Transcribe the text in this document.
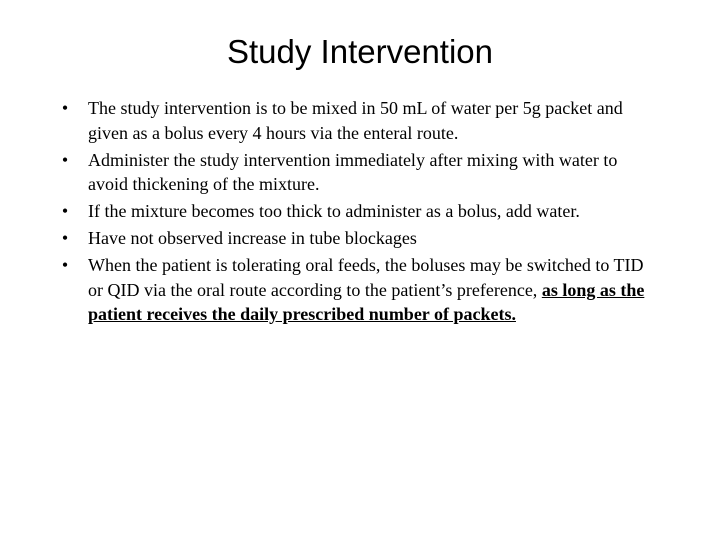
Study Intervention
• The study intervention is to be mixed in 50 mL of water per 5g packet and given as a bolus every 4 hours via the enteral route.
• Administer the study intervention immediately after mixing with water to avoid thickening of the mixture.
• If the mixture becomes too thick to administer as a bolus, add water.
• Have not observed increase in tube blockages
• When the patient is tolerating oral feeds, the boluses may be switched to TID or QID via the oral route according to the patient’s preference, as long as the patient receives the daily prescribed number of packets.
